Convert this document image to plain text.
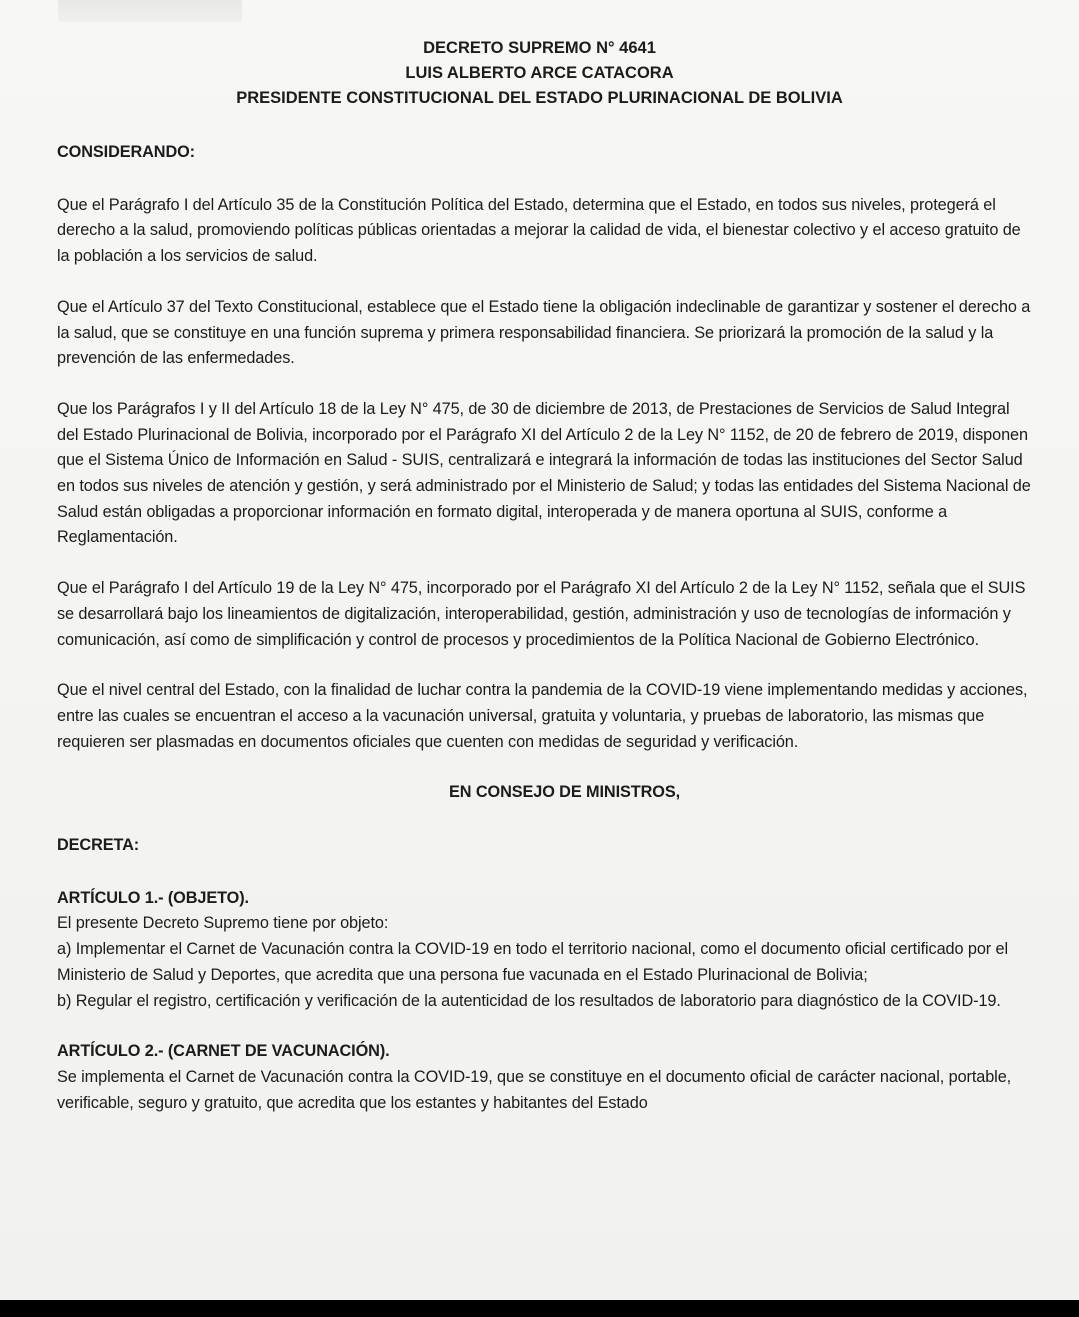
DECRETO SUPREMO N° 4641
LUIS ALBERTO ARCE CATACORA
PRESIDENTE CONSTITUCIONAL DEL ESTADO PLURINACIONAL DE BOLIVIA

CONSIDERANDO:

Que el Parágrafo I del Artículo 35 de la Constitución Política del Estado, determina que el Estado, en todos sus niveles, protegerá el derecho a la salud, promoviendo políticas públicas orientadas a mejorar la calidad de vida, el bienestar colectivo y el acceso gratuito de la población a los servicios de salud.

Que el Artículo 37 del Texto Constitucional, establece que el Estado tiene la obligación indeclinable de garantizar y sostener el derecho a la salud, que se constituye en una función suprema y primera responsabilidad financiera. Se priorizará la promoción de la salud y la prevención de las enfermedades.

Que los Parágrafos I y II del Artículo 18 de la Ley N° 475, de 30 de diciembre de 2013, de Prestaciones de Servicios de Salud Integral del Estado Plurinacional de Bolivia, incorporado por el Parágrafo XI del Artículo 2 de la Ley N° 1152, de 20 de febrero de 2019, disponen que el Sistema Único de Información en Salud - SUIS, centralizará e integrará la información de todas las instituciones del Sector Salud en todos sus niveles de atención y gestión, y será administrado por el Ministerio de Salud; y todas las entidades del Sistema Nacional de Salud están obligadas a proporcionar información en formato digital, interoperada y de manera oportuna al SUIS, conforme a Reglamentación.

Que el Parágrafo I del Artículo 19 de la Ley N° 475, incorporado por el Parágrafo XI del Artículo 2 de la Ley N° 1152, señala que el SUIS se desarrollará bajo los lineamientos de digitalización, interoperabilidad, gestión, administración y uso de tecnologías de información y comunicación, así como de simplificación y control de procesos y procedimientos de la Política Nacional de Gobierno Electrónico.

Que el nivel central del Estado, con la finalidad de luchar contra la pandemia de la COVID-19 viene implementando medidas y acciones, entre las cuales se encuentran el acceso a la vacunación universal, gratuita y voluntaria, y pruebas de laboratorio, las mismas que requieren ser plasmadas en documentos oficiales que cuenten con medidas de seguridad y verificación.

EN CONSEJO DE MINISTROS,

DECRETA:

ARTÍCULO 1.- (OBJETO).

El presente Decreto Supremo tiene por objeto:

a) Implementar el Carnet de Vacunación contra la COVID-19 en todo el territorio nacional, como el documento oficial certificado por el Ministerio de Salud y Deportes, que acredita que una persona fue vacunada en el Estado Plurinacional de Bolivia;

b) Regular el registro, certificación y verificación de la autenticidad de los resultados de laboratorio para diagnóstico de la COVID-19.

ARTÍCULO 2.- (CARNET DE VACUNACIÓN).

Se implementa el Carnet de Vacunación contra la COVID-19, que se constituye en el documento oficial de carácter nacional, portable, verificable, seguro y gratuito, que acredita que los estantes y habitantes del Estado
